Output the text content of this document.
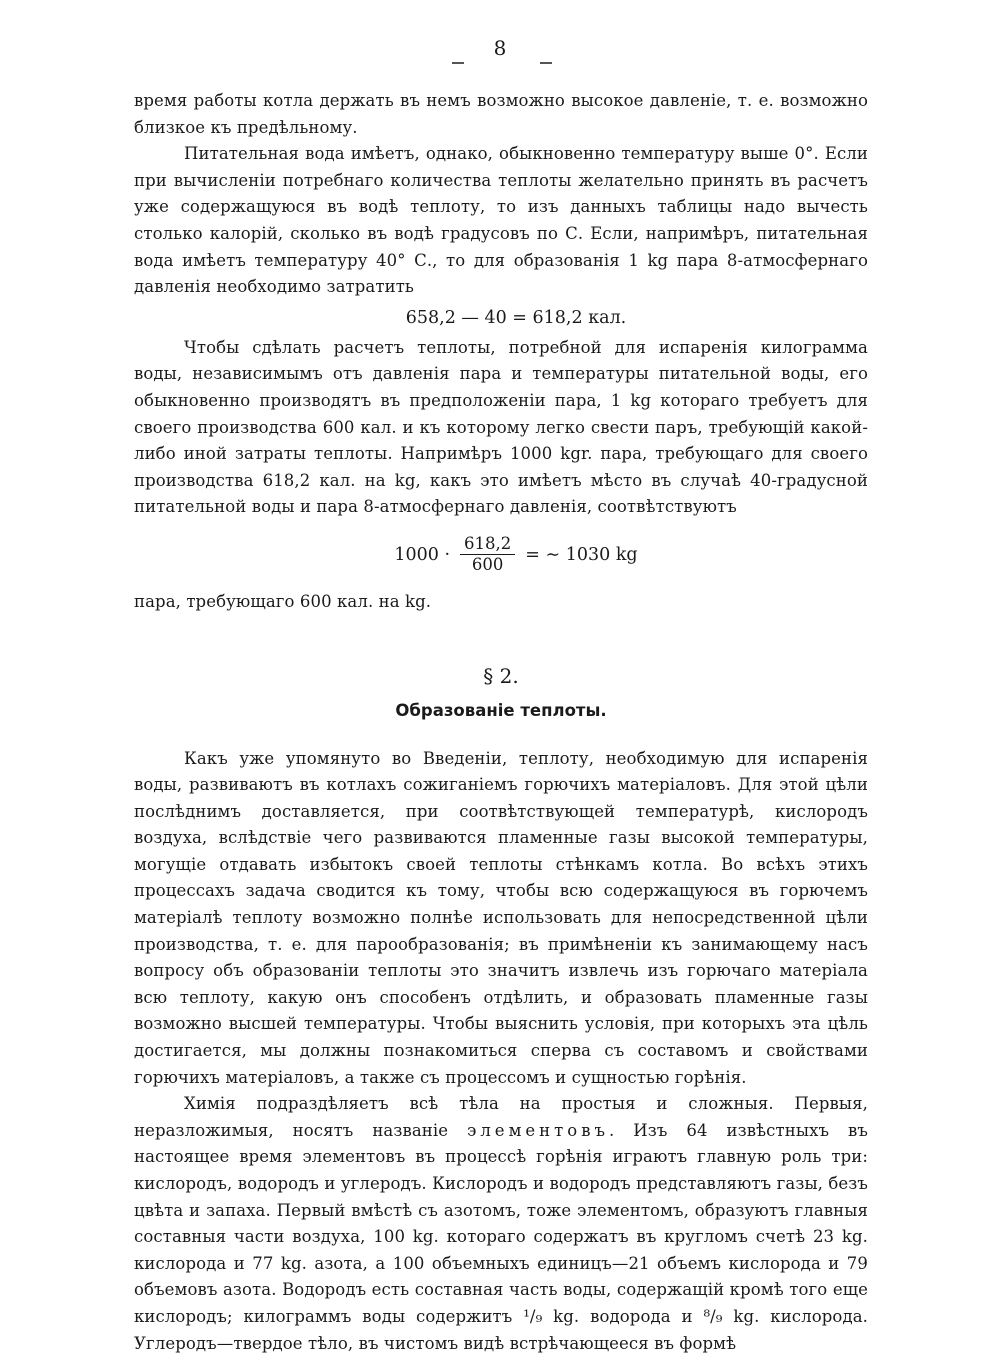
8

время работы котла держать въ немъ возможно высокое давленіе, т. е. возможно близкое къ предѣльному.

Питательная вода имѣетъ, однако, обыкновенно температуру выше 0°. Если при вычисленіи потребнаго количества теплоты желательно принять въ расчетъ уже содержащуюся въ водѣ теплоту, то изъ данныхъ таблицы надо вычесть столько калорій, сколько въ водѣ градусовъ по С. Если, напримѣръ, питательная вода имѣетъ температуру 40° С., то для образованія 1 kg пара 8-атмосфернаго давленія необходимо затратить

658,2 — 40 = 618,2 кал.

Чтобы сдѣлать расчетъ теплоты, потребной для испаренія килограмма воды, независимымъ отъ давленія пара и температуры питательной воды, его обыкновенно производятъ въ предположеніи пара, 1 kg котораго требуетъ для своего производства 600 кал. и къ которому легко свести паръ, требующій какой-либо иной затраты теплоты. Напримѣръ 1000 kgr. пара, требующаго для своего производства 618,2 кал. на kg, какъ это имѣетъ мѣсто въ случаѣ 40-градусной питательной воды и пара 8-атмосфернаго давленія, соотвѣтствуютъ

$1000 \cdot \frac{618,2}{600}$ = ∼ 1030 kg

пара, требующаго 600 кал. на kg.

§ 2.
Образованіе теплоты.

Какъ уже упомянуто во Введеніи, теплоту, необходимую для испаренія воды, развиваютъ въ котлахъ сожиганіемъ горючихъ матеріаловъ. Для этой цѣли послѣднимъ доставляется, при соотвѣтствующей температурѣ, кислородъ воздуха, вслѣдствіе чего развиваются пламенные газы высокой температуры, могущіе отдавать избытокъ своей теплоты стѣнкамъ котла. Во всѣхъ этихъ процессахъ задача сводится къ тому, чтобы всю содержащуюся въ горючемъ матеріалѣ теплоту возможно полнѣе использовать для непосредственной цѣли производства, т. е. для парообразованія; въ примѣненіи къ занимающему насъ вопросу объ образованіи теплоты это значитъ извлечь изъ горючаго матеріала всю теплоту, какую онъ способенъ отдѣлить, и образовать пламенные газы возможно высшей температуры. Чтобы выяснить условія, при которыхъ эта цѣль достигается, мы должны познакомиться сперва съ составомъ и свойствами горючихъ матеріаловъ, а также съ процессомъ и сущностью горѣнія.

Химія подраздѣляетъ всѣ тѣла на простыя и сложныя. Первыя, неразложимыя, носятъ названіе элементовъ. Изъ 64 извѣстныхъ въ настоящее время элементовъ въ процессѣ горѣнія играютъ главную роль три: кислородъ, водородъ и углеродъ. Кислородъ и водородъ представляютъ газы, безъ цвѣта и запаха. Первый вмѣстѣ съ азотомъ, тоже элементомъ, образуютъ главныя составныя части воздуха, 100 kg. котораго содержатъ въ кругломъ счетѣ 23 kg. кислорода и 77 kg. азота, а 100 объемныхъ единицъ—21 объемъ кислорода и 79 объемовъ азота. Водородъ есть составная часть воды, содержащій кромѣ того еще кислородъ; килограммъ воды содержитъ ¹/₉ kg. водорода и ⁸/₉ kg. кислорода. Углеродъ—твердое тѣло, въ чистомъ видѣ встрѣчающееся въ формѣ
